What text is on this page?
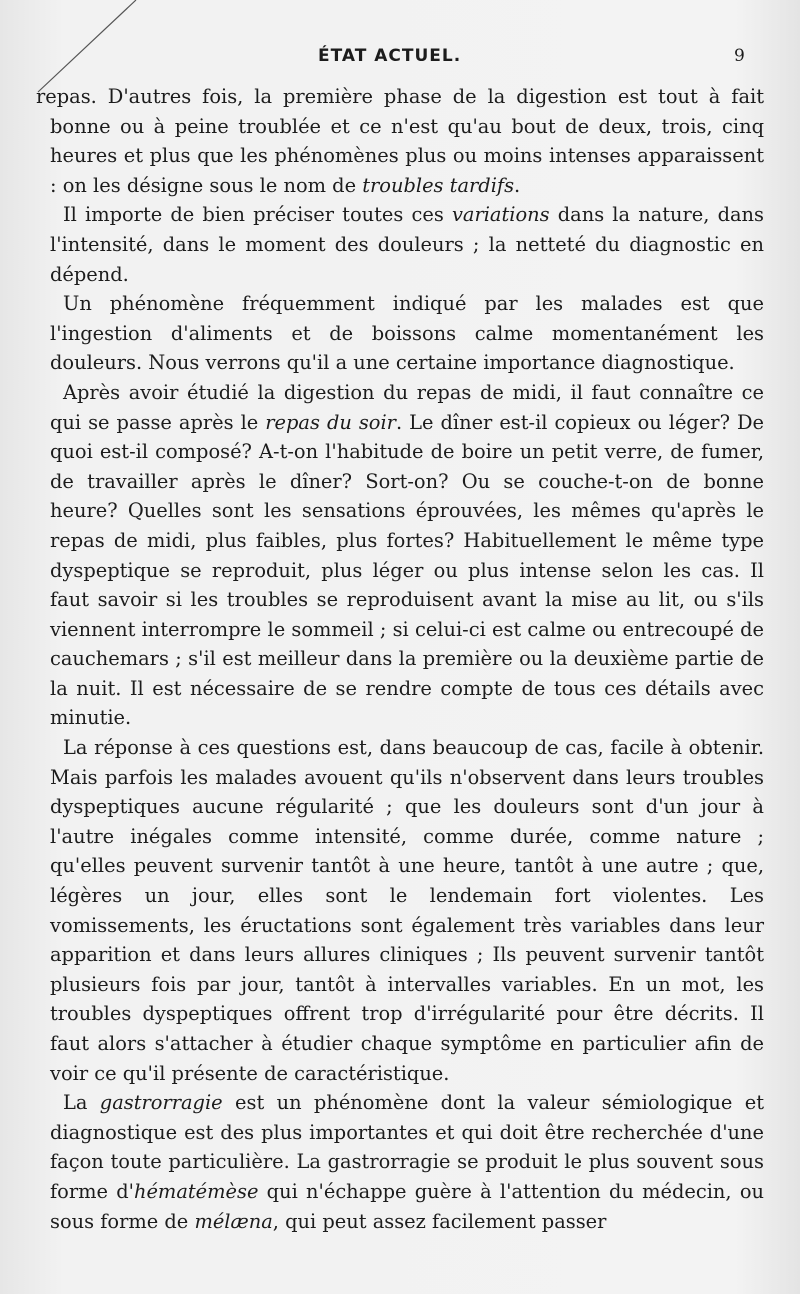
ÉTAT ACTUEL.	9

repas. D'autres fois, la première phase de la digestion est tout à fait bonne ou à peine troublée et ce n'est qu'au bout de deux, trois, cinq heures et plus que les phénomènes plus ou moins intenses apparaissent : on les désigne sous le nom de troubles tardifs.

Il importe de bien préciser toutes ces variations dans la nature, dans l'intensité, dans le moment des douleurs ; la netteté du diagnostic en dépend.

Un phénomène fréquemment indiqué par les malades est que l'ingestion d'aliments et de boissons calme momentanément les douleurs. Nous verrons qu'il a une certaine importance diagnostique.

Après avoir étudié la digestion du repas de midi, il faut connaître ce qui se passe après le repas du soir. Le dîner est-il copieux ou léger? De quoi est-il composé? A-t-on l'habitude de boire un petit verre, de fumer, de travailler après le dîner? Sort-on? Ou se couche-t-on de bonne heure? Quelles sont les sensations éprouvées, les mêmes qu'après le repas de midi, plus faibles, plus fortes? Habituellement le même type dyspeptique se reproduit, plus léger ou plus intense selon les cas. Il faut savoir si les troubles se reproduisent avant la mise au lit, ou s'ils viennent interrompre le sommeil ; si celui-ci est calme ou entrecoupé de cauchemars ; s'il est meilleur dans la première ou la deuxième partie de la nuit. Il est nécessaire de se rendre compte de tous ces détails avec minutie.

La réponse à ces questions est, dans beaucoup de cas, facile à obtenir. Mais parfois les malades avouent qu'ils n'observent dans leurs troubles dyspeptiques aucune régularité ; que les douleurs sont d'un jour à l'autre inégales comme intensité, comme durée, comme nature ; qu'elles peuvent survenir tantôt à une heure, tantôt à une autre ; que, légères un jour, elles sont le lendemain fort violentes. Les vomissements, les éructations sont également très variables dans leur apparition et dans leurs allures cliniques ; Ils peuvent survenir tantôt plusieurs fois par jour, tantôt à intervalles variables. En un mot, les troubles dyspeptiques offrent trop d'irrégularité pour être décrits. Il faut alors s'attacher à étudier chaque symptôme en particulier afin de voir ce qu'il présente de caractéristique.

La gastrorragie est un phénomène dont la valeur sémiologique et diagnostique est des plus importantes et qui doit être recherchée d'une façon toute particulière. La gastrorragie se produit le plus souvent sous forme d'hématémèse qui n'échappe guère à l'attention du médecin, ou sous forme de mélæna, qui peut assez facilement passer
